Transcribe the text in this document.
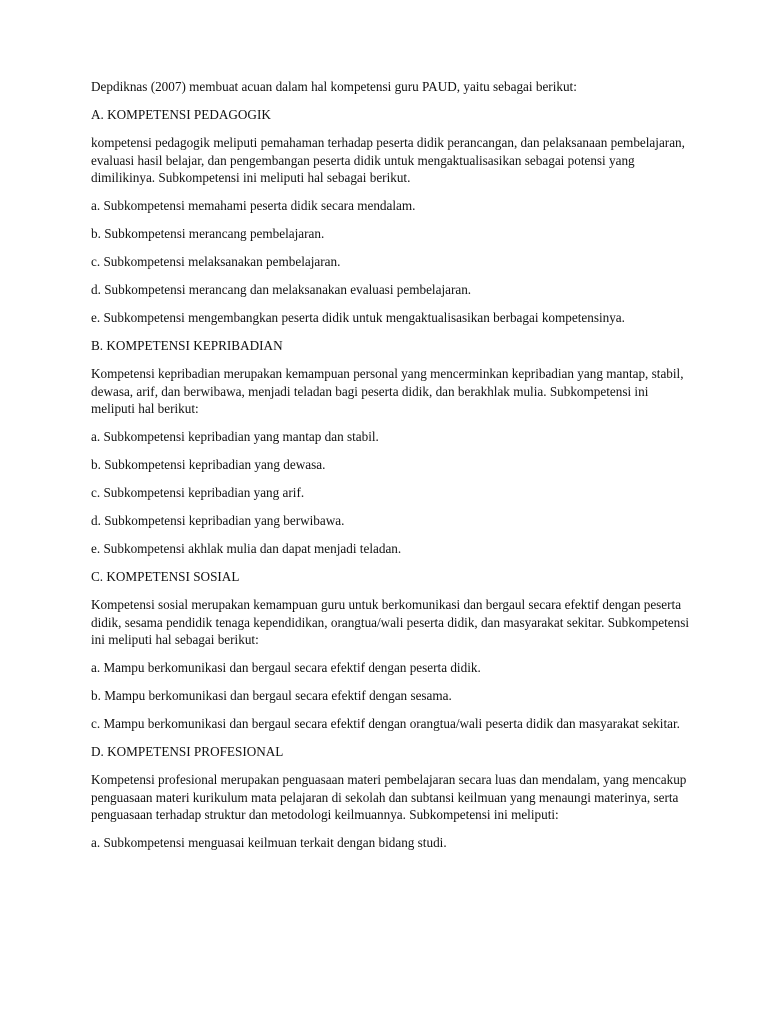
Depdiknas (2007) membuat acuan dalam hal kompetensi guru PAUD, yaitu sebagai berikut:

A. KOMPETENSI PEDAGOGIK

kompetensi pedagogik meliputi pemahaman terhadap peserta didik perancangan, dan pelaksanaan pembelajaran, evaluasi hasil belajar, dan pengembangan peserta didik untuk mengaktualisasikan sebagai potensi yang dimilikinya. Subkompetensi ini meliputi hal sebagai berikut.

a. Subkompetensi memahami peserta didik secara mendalam.

b. Subkompetensi merancang pembelajaran.

c. Subkompetensi melaksanakan pembelajaran.

d. Subkompetensi merancang dan melaksanakan evaluasi pembelajaran.

e. Subkompetensi mengembangkan peserta didik untuk mengaktualisasikan berbagai kompetensinya.

B. KOMPETENSI KEPRIBADIAN

Kompetensi kepribadian merupakan kemampuan personal yang mencerminkan kepribadian yang mantap, stabil, dewasa, arif, dan berwibawa, menjadi teladan bagi peserta didik, dan berakhlak mulia. Subkompetensi ini meliputi hal berikut:

a. Subkompetensi kepribadian yang mantap dan stabil.

b. Subkompetensi kepribadian yang dewasa.

c. Subkompetensi kepribadian yang arif.

d. Subkompetensi kepribadian yang berwibawa.

e. Subkompetensi akhlak mulia dan dapat menjadi teladan.

C. KOMPETENSI SOSIAL

Kompetensi sosial merupakan kemampuan guru untuk berkomunikasi dan bergaul secara efektif dengan peserta didik, sesama pendidik tenaga kependidikan, orangtua/wali peserta didik, dan masyarakat sekitar. Subkompetensi ini meliputi hal sebagai berikut:

a. Mampu berkomunikasi dan bergaul secara efektif dengan peserta didik.

b. Mampu berkomunikasi dan bergaul secara efektif dengan sesama.

c. Mampu berkomunikasi dan bergaul secara efektif dengan orangtua/wali peserta didik dan masyarakat sekitar.

D. KOMPETENSI PROFESIONAL

Kompetensi profesional merupakan penguasaan materi pembelajaran secara luas dan mendalam, yang mencakup penguasaan materi kurikulum mata pelajaran di sekolah dan subtansi keilmuan yang menaungi materinya, serta penguasaan terhadap struktur dan metodologi keilmuannya. Subkompetensi ini meliputi:

a. Subkompetensi menguasai keilmuan terkait dengan bidang studi.
